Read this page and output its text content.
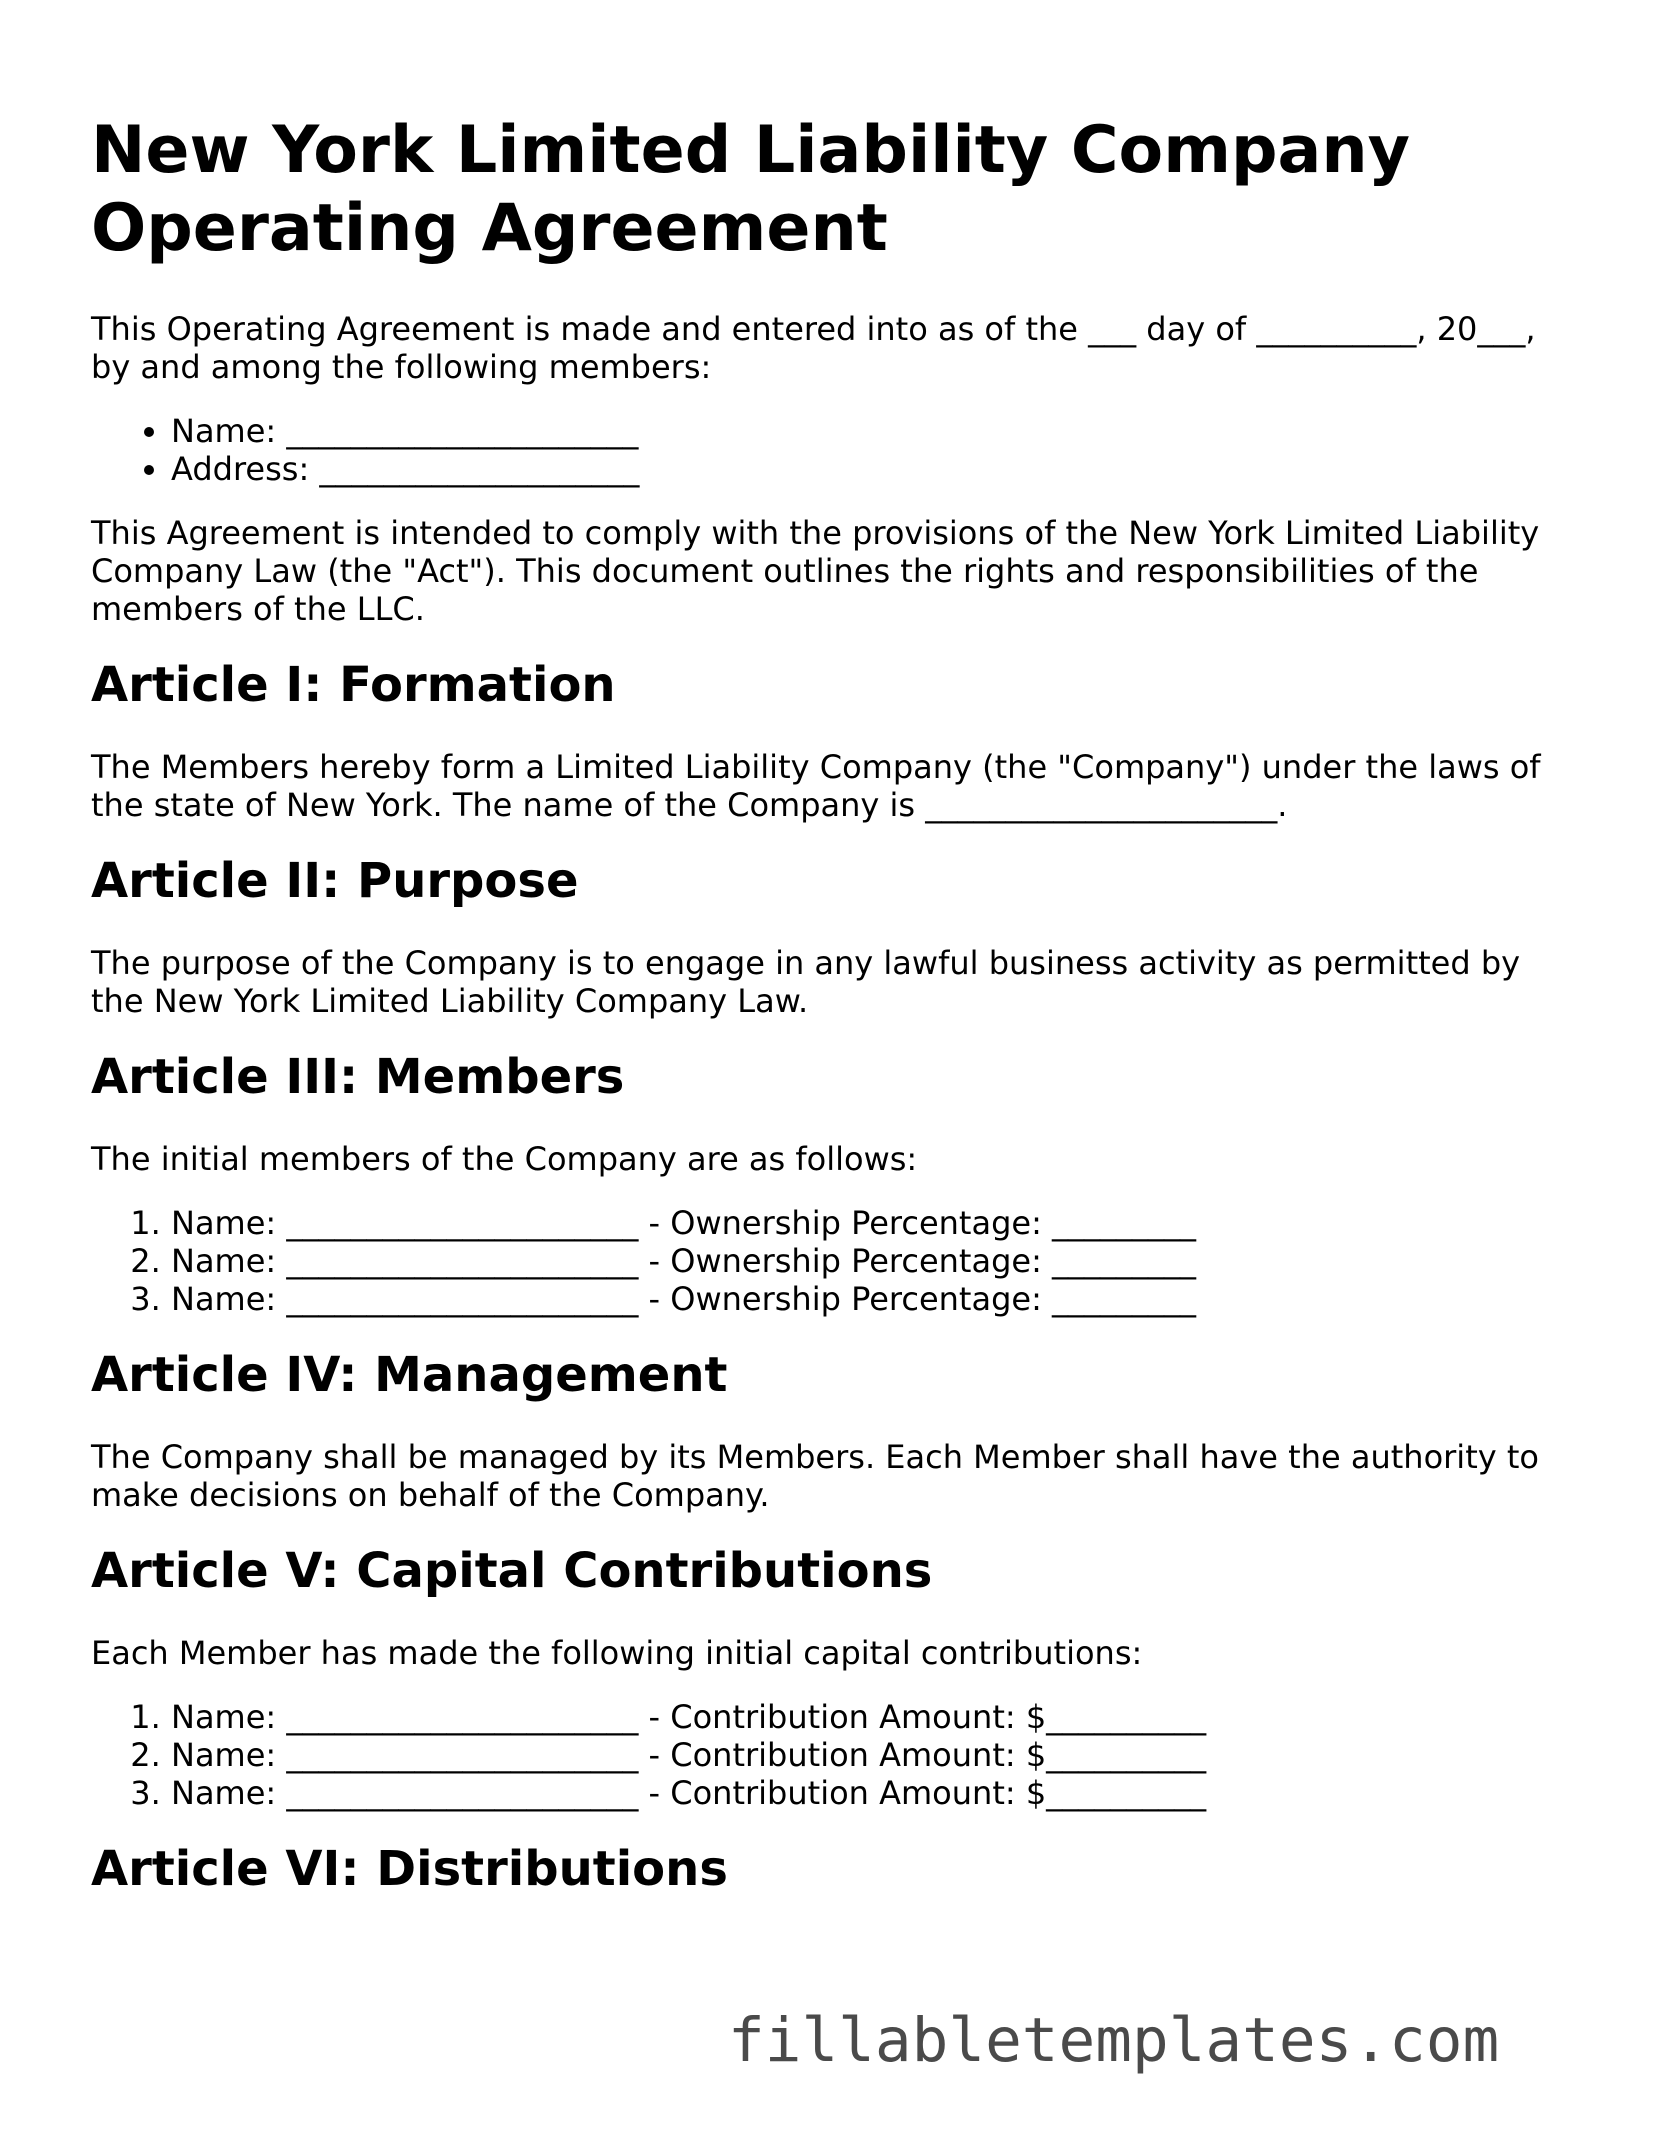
New York Limited Liability Company Operating Agreement

This Operating Agreement is made and entered into as of the ___ day of __________, 20___, by and among the following members:

• Name: ______________________
• Address: ____________________

This Agreement is intended to comply with the provisions of the New York Limited Liability Company Law (the "Act"). This document outlines the rights and responsibilities of the members of the LLC.

Article I: Formation

The Members hereby form a Limited Liability Company (the "Company") under the laws of the state of New York. The name of the Company is ______________________.

Article II: Purpose

The purpose of the Company is to engage in any lawful business activity as permitted by the New York Limited Liability Company Law.

Article III: Members

The initial members of the Company are as follows:

1. Name: ______________________ - Ownership Percentage: _________
2. Name: ______________________ - Ownership Percentage: _________
3. Name: ______________________ - Ownership Percentage: _________
Article IV: Management

The Company shall be managed by its Members. Each Member shall have the authority to make decisions on behalf of the Company.

Article V: Capital Contributions

Each Member has made the following initial capital contributions:

1. Name: ______________________ - Contribution Amount: $__________
2. Name: ______________________ - Contribution Amount: $__________
3. Name: ______________________ - Contribution Amount: $__________
Article VI: Distributions
fillabletemplates.com
